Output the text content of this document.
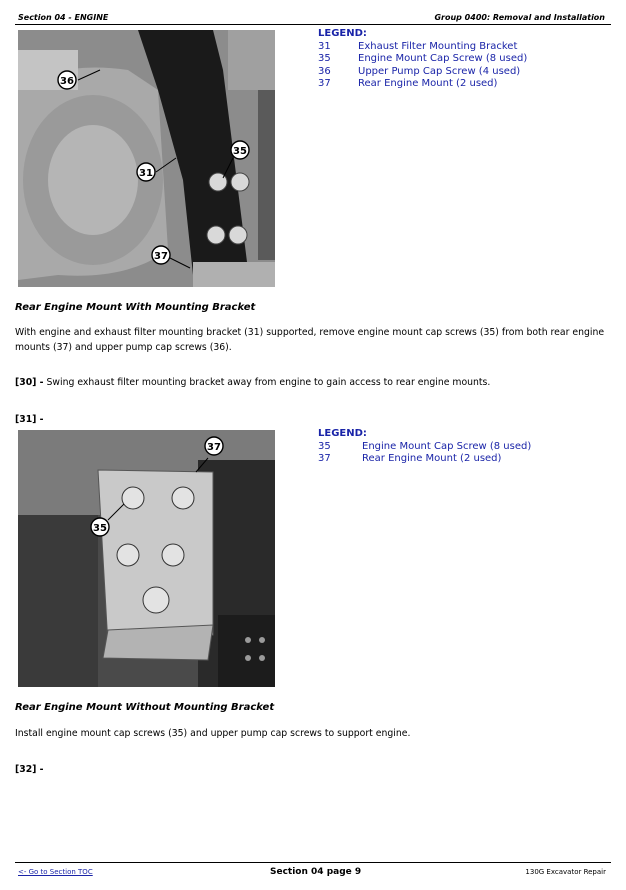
Section 04 - ENGINE	Group 0400: Removal and Installation
36
31
35
37
LEGEND:
31	Exhaust Filter Mounting Bracket
35	Engine Mount Cap Screw (8 used)
36	Upper Pump Cap Screw (4 used)
37	Rear Engine Mount (2 used)
Rear Engine Mount With Mounting Bracket
With engine and exhaust filter mounting bracket (31) supported, remove engine mount cap screws (35) from both rear engine mounts (37) and upper pump cap screws (36).
[30] - Swing exhaust filter mounting bracket away from engine to gain access to rear engine mounts.
[31] -
37
35
LEGEND:
35	Engine Mount Cap Screw (8 used)
37	Rear Engine Mount (2 used)
Rear Engine Mount Without Mounting Bracket
Install engine mount cap screws (35) and upper pump cap screws to support engine.
[32] -
<- Go to Section TOC	Section 04 page 9	130G Excavator Repair
